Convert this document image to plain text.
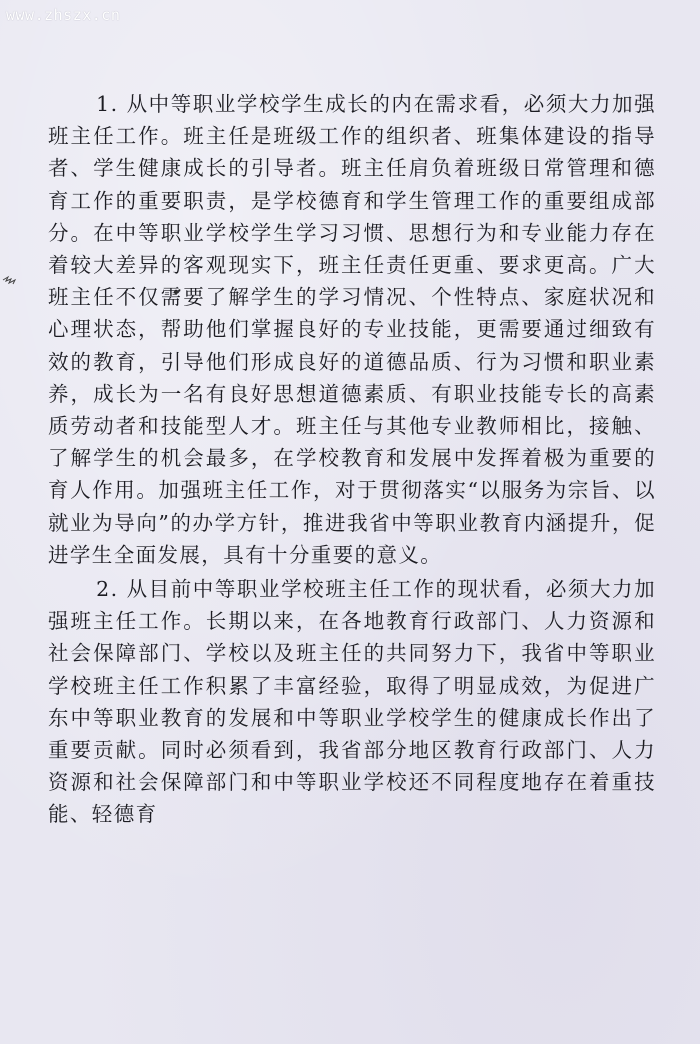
www.zhszx.cn

1. 从中等职业学校学生成长的内在需求看，必须大力加强班主任工作。班主任是班级工作的组织者、班集体建设的指导者、学生健康成长的引导者。班主任肩负着班级日常管理和德育工作的重要职责，是学校德育和学生管理工作的重要组成部分。在中等职业学校学生学习习惯、思想行为和专业能力存在着较大差异的客观现实下，班主任责任更重、要求更高。广大班主任不仅需要了解学生的学习情况、个性特点、家庭状况和心理状态，帮助他们掌握良好的专业技能，更需要通过细致有效的教育，引导他们形成良好的道德品质、行为习惯和职业素养，成长为一名有良好思想道德素质、有职业技能专长的高素质劳动者和技能型人才。班主任与其他专业教师相比，接触、了解学生的机会最多，在学校教育和发展中发挥着极为重要的育人作用。加强班主任工作，对于贯彻落实“以服务为宗旨、以就业为导向”的办学方针，推进我省中等职业教育内涵提升，促进学生全面发展，具有十分重要的意义。

2. 从目前中等职业学校班主任工作的现状看，必须大力加强班主任工作。长期以来，在各地教育行政部门、人力资源和社会保障部门、学校以及班主任的共同努力下，我省中等职业学校班主任工作积累了丰富经验，取得了明显成效，为促进广东中等职业教育的发展和中等职业学校学生的健康成长作出了重要贡献。同时必须看到，我省部分地区教育行政部门、人力资源和社会保障部门和中等职业学校还不同程度地存在着重技能、轻德育
